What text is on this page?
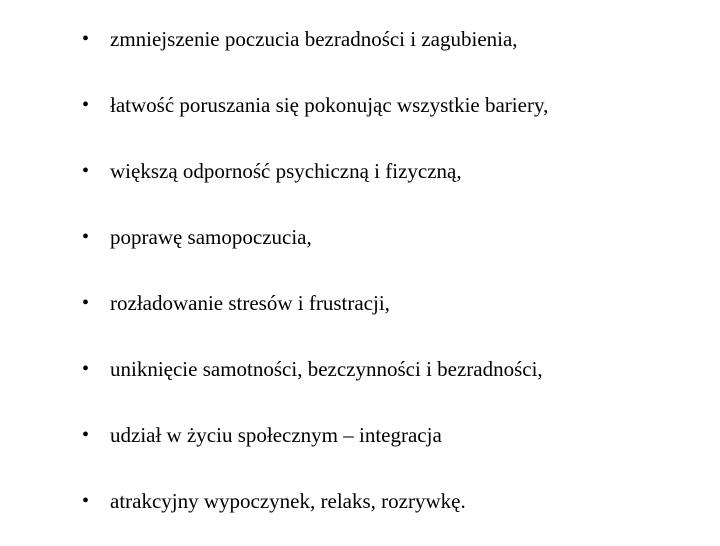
• zmniejszenie poczucia bezradności i zagubienia,
• łatwość poruszania się pokonując wszystkie bariery,
• większą odporność psychiczną i fizyczną,
• poprawę samopoczucia,
• rozładowanie stresów i frustracji,
• uniknięcie samotności, bezczynności i bezradności,
• udział w życiu społecznym – integracja
• atrakcyjny wypoczynek, relaks, rozrywkę.
